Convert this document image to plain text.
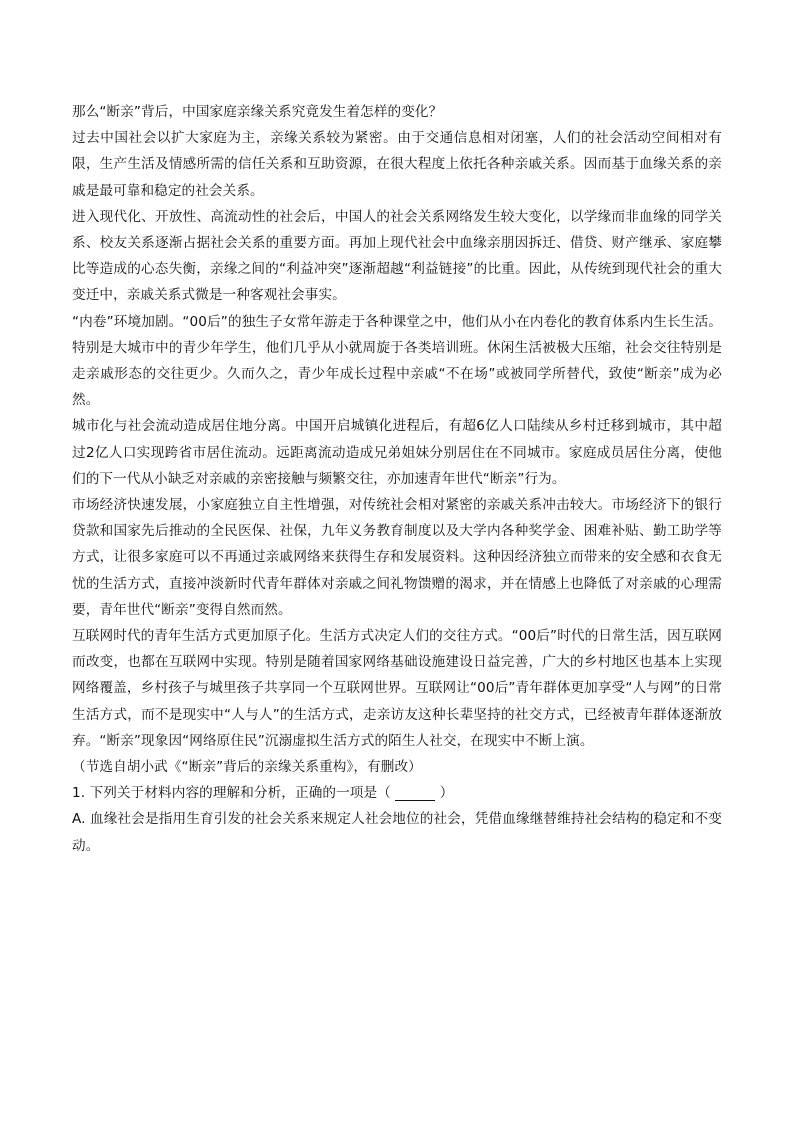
那么“断亲”背后，中国家庭亲缘关系究竟发生着怎样的变化？

过去中国社会以扩大家庭为主，亲缘关系较为紧密。由于交通信息相对闭塞，人们的社会活动空间相对有限，生产生活及情感所需的信任关系和互助资源，在很大程度上依托各种亲戚关系。因而基于血缘关系的亲戚是最可靠和稳定的社会关系。

进入现代化、开放性、高流动性的社会后，中国人的社会关系网络发生较大变化，以学缘而非血缘的同学关系、校友关系逐渐占据社会关系的重要方面。再加上现代社会中血缘亲朋因拆迁、借贷、财产继承、家庭攀比等造成的心态失衡，亲缘之间的“利益冲突”逐渐超越“利益链接”的比重。因此，从传统到现代社会的重大变迁中，亲戚关系式微是一种客观社会事实。

“内卷”环境加剧。“00后”的独生子女常年游走于各种课堂之中，他们从小在内卷化的教育体系内生长生活。特别是大城市中的青少年学生，他们几乎从小就周旋于各类培训班。休闲生活被极大压缩，社会交往特别是走亲戚形态的交往更少。久而久之，青少年成长过程中亲戚“不在场”或被同学所替代，致使“断亲”成为必然。

城市化与社会流动造成居住地分离。中国开启城镇化进程后，有超6亿人口陆续从乡村迁移到城市，其中超过2亿人口实现跨省市居住流动。远距离流动造成兄弟姐妹分别居住在不同城市。家庭成员居住分离，使他们的下一代从小缺乏对亲戚的亲密接触与频繁交往，亦加速青年世代“断亲”行为。

市场经济快速发展，小家庭独立自主性增强，对传统社会相对紧密的亲戚关系冲击较大。市场经济下的银行贷款和国家先后推动的全民医保、社保，九年义务教育制度以及大学内各种奖学金、困难补贴、勤工助学等方式，让很多家庭可以不再通过亲戚网络来获得生存和发展资料。这种因经济独立而带来的安全感和衣食无忧的生活方式，直接冲淡新时代青年群体对亲戚之间礼物馈赠的渴求，并在情感上也降低了对亲戚的心理需要，青年世代“断亲”变得自然而然。

互联网时代的青年生活方式更加原子化。生活方式决定人们的交往方式。“00后”时代的日常生活，因互联网而改变，也都在互联网中实现。特别是随着国家网络基础设施建设日益完善，广大的乡村地区也基本上实现网络覆盖，乡村孩子与城里孩子共享同一个互联网世界。互联网让“00后”青年群体更加享受“人与网”的日常生活方式，而不是现实中“人与人”的生活方式，走亲访友这种长辈坚持的社交方式，已经被青年群体逐渐放弃。“断亲”现象因“网络原住民”沉溺虚拟生活方式的陌生人社交，在现实中不断上演。

（节选自胡小武《“断亲”背后的亲缘关系重构》，有删改）

1. 下列关于材料内容的理解和分析，正确的一项是（	）

A. 血缘社会是指用生育引发的社会关系来规定人社会地位的社会，凭借血缘继替维持社会结构的稳定和不变动。
